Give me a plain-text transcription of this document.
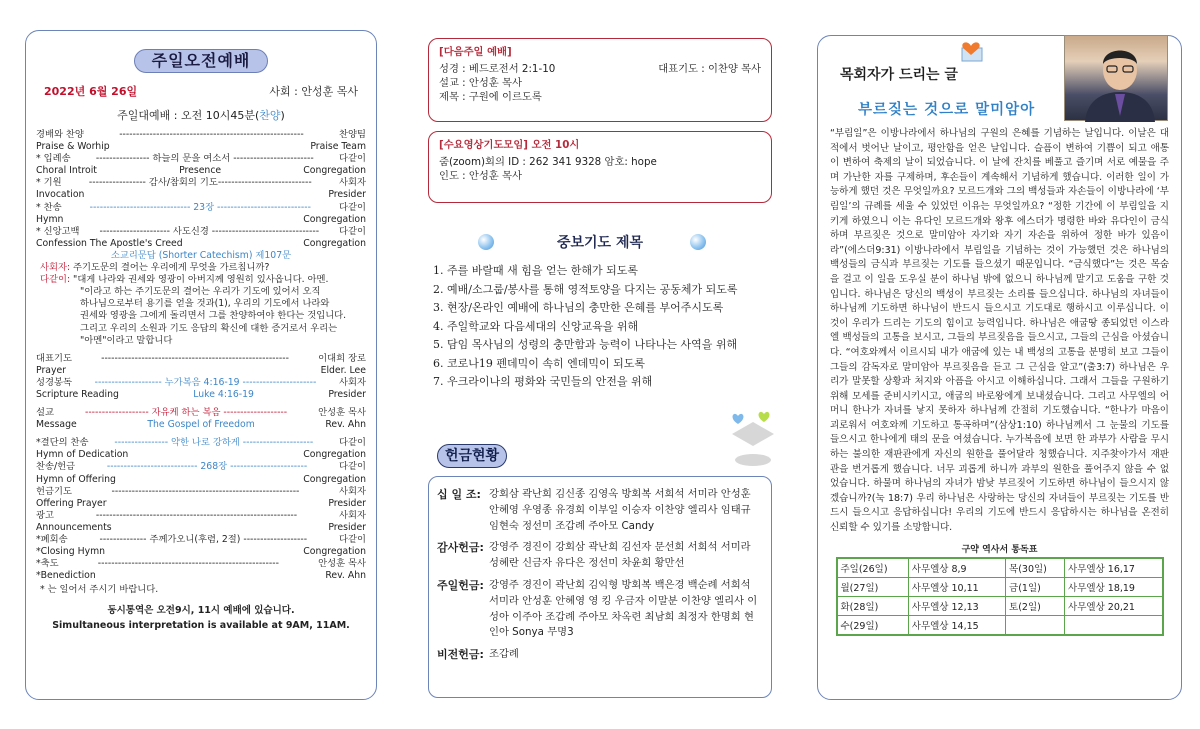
주일오전예배
2022년 6월 26일	사회 : 안성훈 목사
주일대예배 : 오전 10시45분(찬양)
경배와 찬양	-------------------------------------------------------	찬양팀
Praise & Worhip	Praise Team
* 입례송	---------------- 하늘의 문을 여소서 ------------------------	다같이
Choral Introit	Presence	Congregation
* 기원	----------------- 감사/참회의 기도----------------------------	사회자
Invocation	Presider
* 찬송	------------------------------ 23장 ----------------------------	다같이
Hymn	Congregation
* 신앙고백	--------------------- 사도신경 --------------------------------	다같이
Confession The Apostle's Creed	Congregation
소교리문답 (Shorter Catechism) 제107문
사회자: 주기도문의 결어는 우리에게 무엇을 가르칩니까?
다같이: "대게 나라와 권세와 영광이 아버지께 영원히 있사옵니다. 아멘.
"이라고 하는 주기도문의 결어는 우리가 기도에 있어서 오직
하나님으로부터 용기를 얻을 것과(1), 우리의 기도에서 나라와
권세와 영광을 그에게 돌리면서 그를 찬양하여야 한다는 것입니다.
그리고 우리의 소원과 기도 응답의 확신에 대한 증거로서 우리는
"아멘"이라고 말합니다
대표기도	--------------------------------------------------------	이대희 장로
Prayer	Elder. Lee
성경봉독	-------------------- 누가복음 4:16-19 ----------------------	사회자
Scripture Reading	Luke 4:16-19	Presider
설교	------------------- 자유케 하는 복음 -------------------	안성훈 목사
Message	The Gospel of Freedom	Rev. Ahn
*결단의 찬송	---------------- 약한 나로 강하게 ---------------------	다같이
Hymn of Dedication	Congregation
찬송/헌금	--------------------------- 268장 -----------------------	다같이
Hymn of Offering	Congregation
헌금기도	--------------------------------------------------------	사회자
Offering Prayer	Presider
광고	------------------------------------------------------------	사회자
Announcements	Presider
*폐회송	-------------- 주께가오니(후렴, 2절) -------------------	다같이
*Closing Hymn	Congregation
*축도	------------------------------------------------------	안성훈 목사
*Benediction	Rev. Ahn
* 는 일어서 주시기 바랍니다.
동시통역은 오전9시, 11시 예배에 있습니다.
Simultaneous interpretation is available at 9AM, 11AM.
[다음주일 예배]
성경 : 베드로전서 2:1-10	대표기도 : 이찬양 목사
설교 : 안성훈 목사
제목 : 구원에 이르도록
[수요영상기도모임] 오전 10시
줌(zoom)회의 ID : 262 341 9328 암호: hope
인도 : 안성훈 목사
중보기도 제목
1. 주를 바랄때 새 힘을 얻는 한해가 되도록
2. 예배/소그룹/봉사를 통해 영적토양을 다지는 공동체가 되도록
3. 현장/온라인 예배에 하나님의 충만한 은혜를 부어주시도록
4. 주일학교와 다음세대의 신앙교육을 위해
5. 담임 목사님의 성령의 충만함과 능력이 나타나는 사역을 위해
6. 코로나19 펜데믹이 속히 엔데믹이 되도록
7. 우크라이나의 평화와 국민들의 안전을 위해
헌금현황
십 일 조: 강회삼 곽난희 김신종 김영옥 방회복 서희석 서미라 안성훈 안혜영 우영종 유경희 이부일 이승자 이찬양 엘리사 임태규 임현숙 정선미 조갑례 주아모 Candy
감사헌금: 강영주 경진이 강회삼 곽난희 김선자 문선희 서희석 서미라 성혜란 신금자 유다은 정선미 차윤희 황만선
주일헌금: 강영주 경진이 곽난희 김익형 방회복 백은경 백순례 서희석 서미라 안성훈 안혜영 영 킹 우금자 이말분 이찬양 엘리사 이성아 이주아 조갑례 주아모 차옥련 최남희 최정자 한명희 현인아 Sonya 무명3
비전헌금: 조갑례
목회자가 드리는 글
부르짖는 것으로 말미암아
“부림일”은 이방나라에서 하나님의 구원의 은혜를 기념하는 날입니다. 이날은 대적에서 벗어난 날이고, 평안함을 얻은 날입니다. 슬픔이 변하여 기쁨이 되고 애통이 변하여 축제의 날이 되었습니다. 이 날에 잔치를 베풀고 즐기며 서로 예물을 주며 가난한 자를 구제하며, 후손들이 계속해서 기념하게 했습니다. 이러한 일이 가능하게 했던 것은 무엇일까요? 모르드개와 그의 백성들과 자손들이 이방나라에 ‘부림일’의 규례를 세울 수 있었던 이유는 무엇일까요? “정한 기간에 이 부림일을 지키게 하였으니 이는 유다인 모르드개와 왕후 에스더가 명령한 바와 유다인이 금식하며 부르짖은 것으로 말미암아 자기와 자기 자손을 위하여 정한 바가 있음이라”(에스더9:31) 이방나라에서 부림일을 기념하는 것이 가능했던 것은 하나님의 백성들의 금식과 부르짖는 기도를 들으셨기 때문입니다. “금식했다”는 것은 목숨을 걸고 이 일을 도우실 분이 하나님 밖에 없으니 하나님께 맡기고 도움을 구한 것입니다. 하나님은 당신의 백성이 부르짖는 소리를 들으십니다. 하나님의 자녀들이 하나님께 기도하면 하나님이 반드시 들으시고 기도대로 행하시고 이루십니다. 이것이 우리가 드리는 기도의 힘이고 능력입니다. 하나님은 애굽땅 종되었던 이스라엘 백성들의 고통을 보시고, 그들의 부르짖음을 들으시고, 그들의 근심을 아셨습니다. “여호와께서 이르시되 내가 애굽에 있는 내 백성의 고통을 분명히 보고 그들이 그들의 감독자로 말미암아 부르짖음을 듣고 그 근심을 알고”(출3:7) 하나님은 우리가 말못할 상황과 처지와 아픔을 아시고 이해하십니다. 그래서 그들을 구원하기 위해 모세를 준비시키시고, 애굽의 바로왕에게 보내셨습니다. 그리고 사무엘의 어머니 한나가 자녀를 낳지 못하자 하나님께 간절히 기도했습니다. “한나가 마음이 괴로워서 여호와께 기도하고 통곡하며”(삼상1:10) 하나님께서 그 눈물의 기도를 들으시고 한나에게 태의 문을 여셨습니다. 누가복음에 보면 한 과부가 사람을 무시하는 불의한 재판관에게 자신의 원한을 풀어달라 청했습니다. 지주찾아가서 재판관을 번거롭게 했습니다. 너무 괴롭게 하니까 과부의 원한을 풀어주지 않을 수 없었습니다. 하물며 하나님의 자녀가 밤낮 부르짖어 기도하면 하나님이 들으시지 않겠습니까?(눅 18:7) 우리 하나님은 사랑하는 당신의 자녀들이 부르짖는 기도를 반드시 들으시고 응답하십니다! 우리의 기도에 반드시 응답하시는 하나님을 온전히 신뢰할 수 있기를 소망합니다.
구약 역사서 통독표
주일(26일)	사무엘상 8,9	목(30일)	사무엘상 16,17
월(27일)	사무엘상 10,11	금(1일)	사무엘상 18,19
화(28일)	사무엘상 12,13	토(2일)	사무엘상 20,21
수(29일)	사무엘상 14,15		
